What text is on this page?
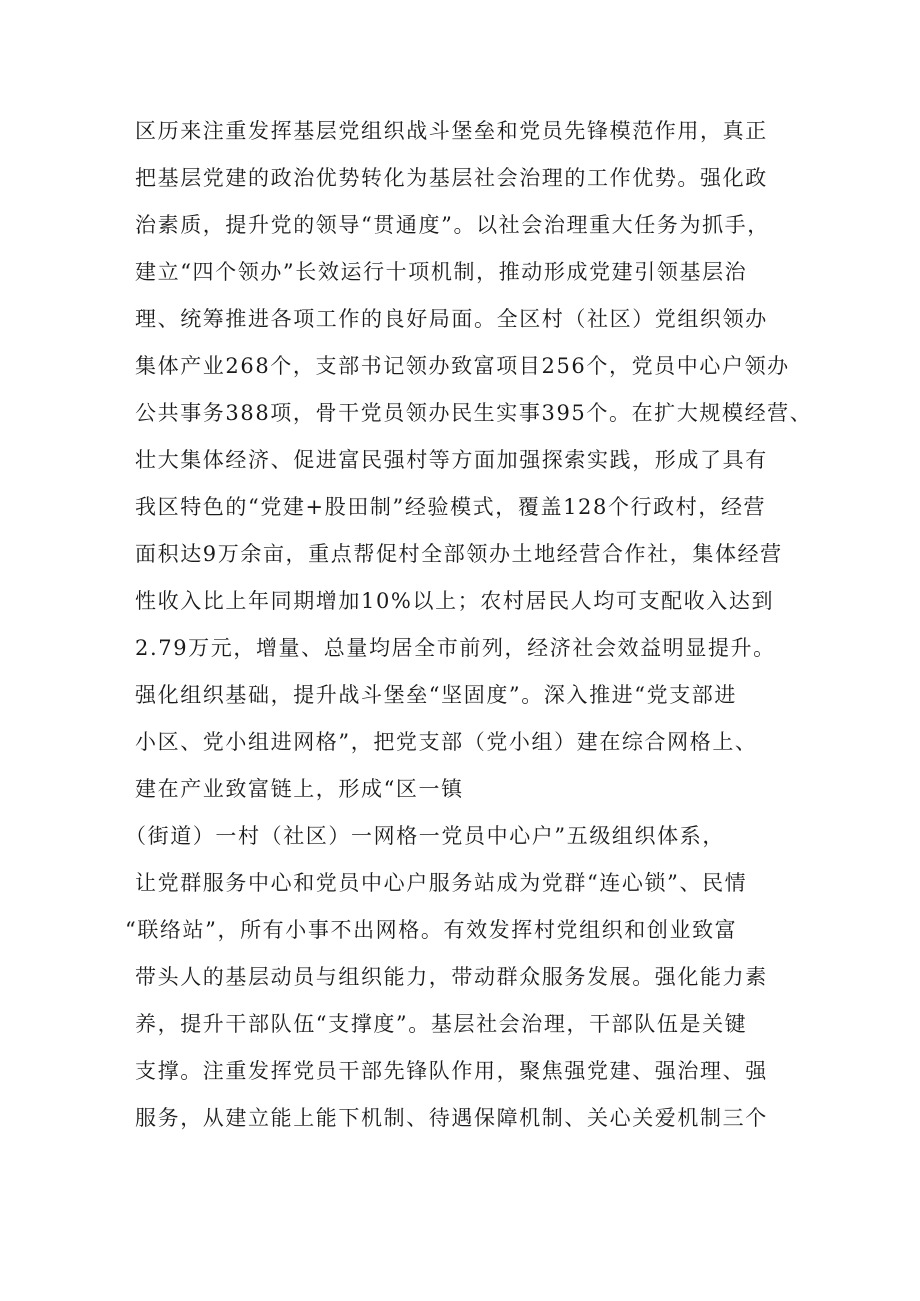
区历来注重发挥基层党组织战斗堡垒和党员先锋模范作用，真正
把基层党建的政治优势转化为基层社会治理的工作优势。强化政
治素质，提升党的领导“贯通度”。以社会治理重大任务为抓手，
建立“四个领办”长效运行十项机制，推动形成党建引领基层治
理、统筹推进各项工作的良好局面。全区村（社区）党组织领办
集体产业268个，支部书记领办致富项目256个，党员中心户领办
公共事务388项，骨干党员领办民生实事395个。在扩大规模经营、
壮大集体经济、促进富民强村等方面加强探索实践，形成了具有
我区特色的“党建+股田制”经验模式，覆盖128个行政村，经营
面积达9万余亩，重点帮促村全部领办土地经营合作社，集体经营
性收入比上年同期增加10%以上；农村居民人均可支配收入达到
2.79万元，增量、总量均居全市前列，经济社会效益明显提升。
强化组织基础，提升战斗堡垒“坚固度”。深入推进“党支部进
小区、党小组进网格”，把党支部（党小组）建在综合网格上、
建在产业致富链上，形成“区一镇
（街道）一村（社区）一网格一党员中心户”五级组织体系，
让党群服务中心和党员中心户服务站成为党群“连心锁”、民情
“联络站”，所有小事不出网格。有效发挥村党组织和创业致富
带头人的基层动员与组织能力，带动群众服务发展。强化能力素
养，提升干部队伍“支撑度”。基层社会治理，干部队伍是关键
支撑。注重发挥党员干部先锋队作用，聚焦强党建、强治理、强
服务，从建立能上能下机制、待遇保障机制、关心关爱机制三个
